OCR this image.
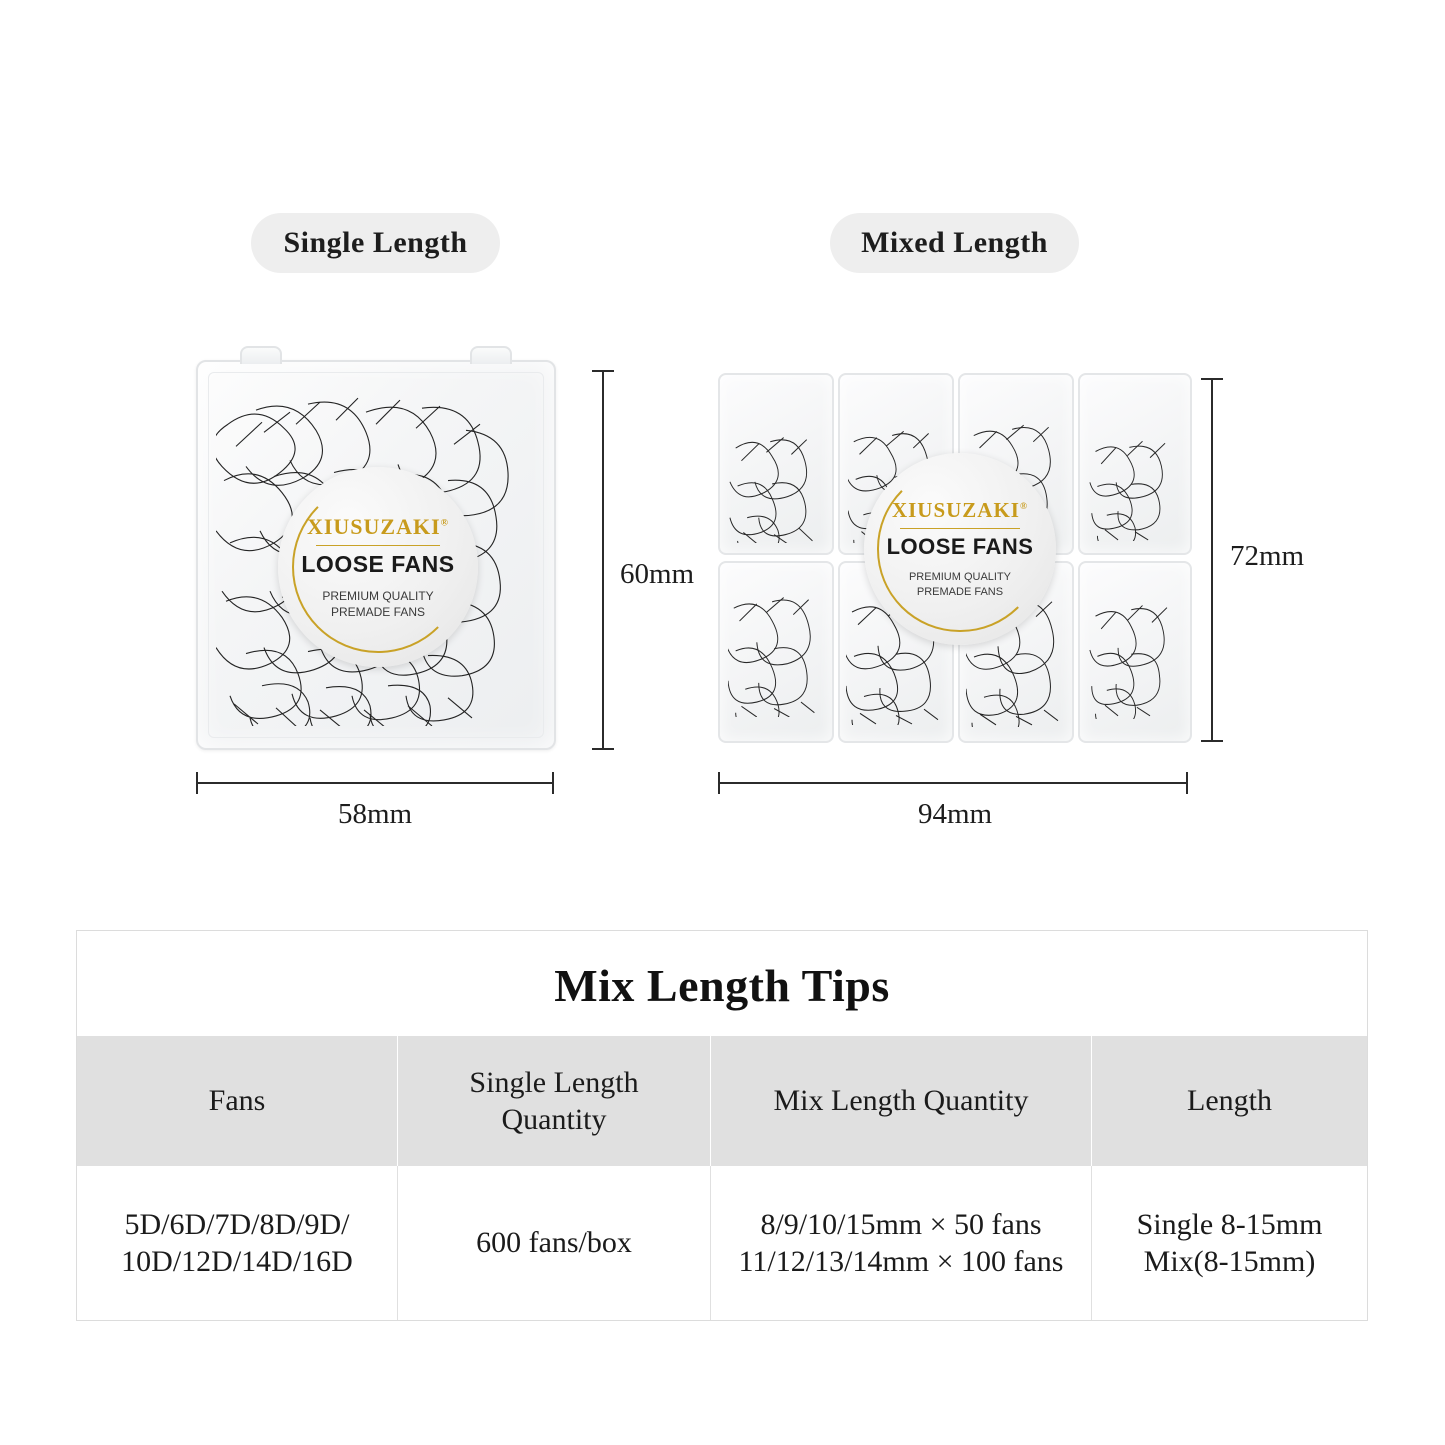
Single Length
XIUSUZAKI®
LOOSE FANS
PREMIUM QUALITY
PREMADE FANS
60mm
58mm
Mixed Length
XIUSUZAKI®
LOOSE FANS
PREMIUM QUALITY
PREMADE FANS
72mm
94mm
Mix Length Tips
Fans
Single Length
Quantity
Mix Length Quantity	Length
5D/6D/7D/8D/9D/
10D/12D/14D/16D
600 fans/box
8/9/10/15mm × 50 fans
11/12/13/14mm × 100 fans
Single 8-15mm
Mix(8-15mm)
